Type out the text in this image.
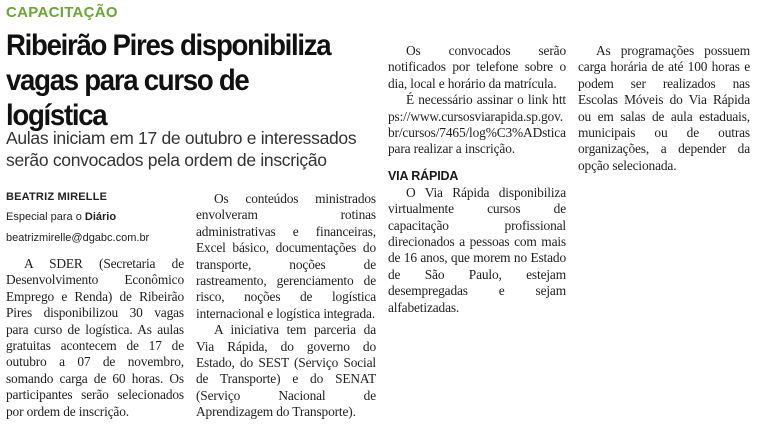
CAPACITAÇÃO
Ribeirão Pires disponibiliza vagas para curso de logística

Aulas iniciam em 17 de outubro e interessados serão convocados pela ordem de inscrição

BEATRIZ MIRELLE
Especial para o Diário
beatrizmirelle@dgabc.com.br

A SDER (Secretaria de Desenvolvimento Econômico Emprego e Renda) de Ribeirão Pires disponibilizou 30 vagas para curso de logística. As aulas gratuitas acontecem de 17 de outubro a 07 de novembro, somando carga de 60 horas. Os participantes serão selecionados por ordem de inscrição.

Os conteúdos ministrados envolveram rotinas administrativas e financeiras, Excel básico, documentações do transporte, noções de rastreamento, gerenciamento de risco, noções de logística internacional e logística integrada.

A iniciativa tem parceria da Via Rápida, do governo do Estado, do SEST (Serviço Social de Transporte) e do SENAT (Serviço Nacional de Aprendizagem do Transporte).

Os convocados serão notificados por telefone sobre o dia, local e horário da matrícula.

É necessário assinar o link https://www.cursosviarapida.sp.gov.br/cursos/7465/log%C3%ADstica para realizar a inscrição.

VIA RÁPIDA

O Via Rápida disponibiliza virtualmente cursos de capacitação profissional direcionados a pessoas com mais de 16 anos, que morem no Estado de São Paulo, estejam desempregadas e sejam alfabetizadas.

As programações possuem carga horária de até 100 horas e podem ser realizados nas Escolas Móveis do Via Rápida ou em salas de aula estaduais, municipais ou de outras organizações, a depender da opção selecionada.
